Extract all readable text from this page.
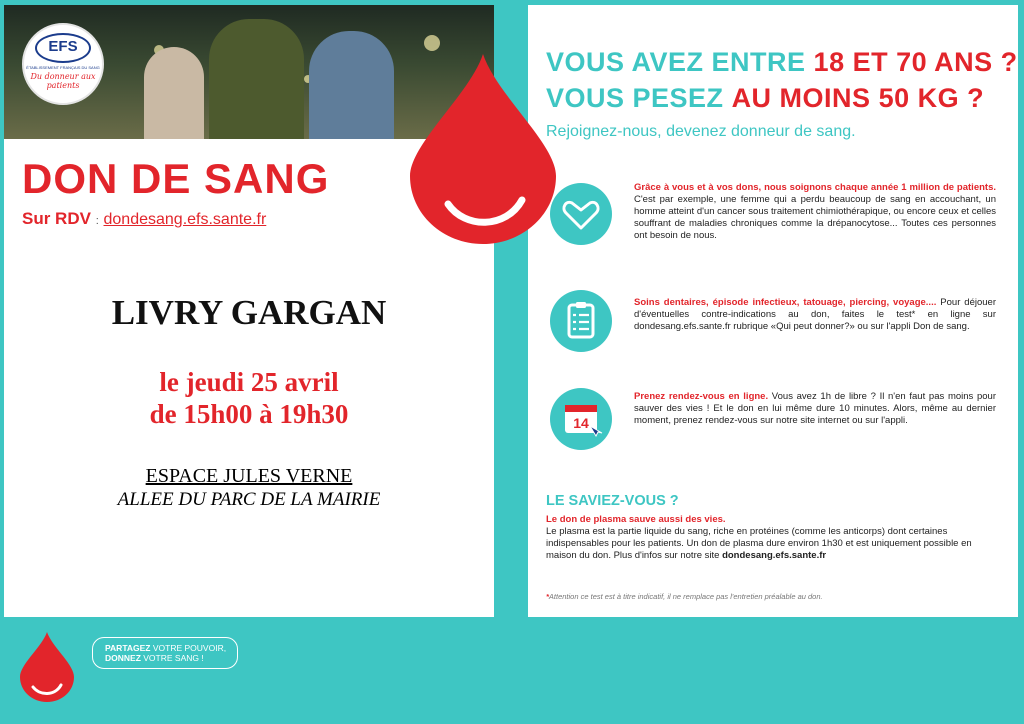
EFS
ÉTABLISSEMENT FRANÇAIS DU SANG
Du donneur aux patients
DON DE SANG
Sur RDV : dondesang.efs.sante.fr
LIVRY GARGAN
le jeudi 25 avril
de 15h00 à 19h30
ESPACE JULES VERNE
ALLEE DU PARC DE LA MAIRIE
VOUS AVEZ ENTRE 18 ET 70 ANS ?
VOUS PESEZ AU MOINS 50 KG ?
Rejoignez-nous, devenez donneur de sang.
Grâce à vous et à vos dons, nous soignons chaque année 1 million de patients. C'est par exemple, une femme qui a perdu beaucoup de sang en accouchant, un homme atteint d'un cancer sous traitement chimiothérapique, ou encore ceux et celles souffrant de maladies chroniques comme la drépanocytose... Toutes ces personnes ont besoin de nous.
Soins dentaires, épisode infectieux, tatouage, piercing, voyage.... Pour déjouer d'éventuelles contre-indications au don, faites le test* en ligne sur dondesang.efs.sante.fr rubrique «Qui peut donner?» ou sur l'appli Don de sang.
14
Prenez rendez-vous en ligne. Vous avez 1h de libre ? Il n'en faut pas moins pour sauver des vies ! Et le don en lui même dure 10 minutes. Alors, même au dernier moment, prenez rendez-vous sur notre site internet ou sur l'appli.
LE SAVIEZ-VOUS ?
Le don de plasma sauve aussi des vies.
Le plasma est la partie liquide du sang, riche en protéines (comme les anticorps) dont certaines indispensables pour les patients. Un don de plasma dure environ 1h30 et est uniquement possible en maison du don. Plus d'infos sur notre site dondesang.efs.sante.fr
*Attention ce test est à titre indicatif, il ne remplace pas l'entretien préalable au don.
PARTAGEZ VOTRE POUVOIR,
DONNEZ VOTRE SANG !
